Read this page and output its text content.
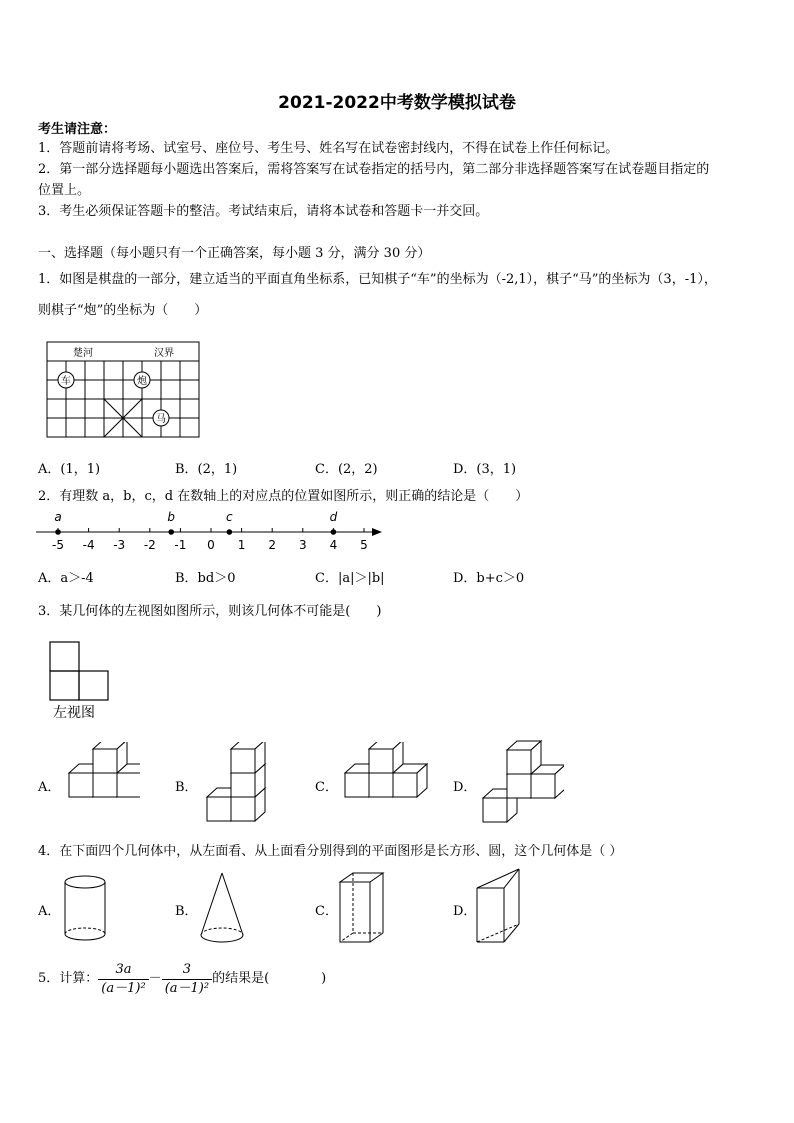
2021-2022中考数学模拟试卷
考生请注意：
1．答题前请将考场、试室号、座位号、考生号、姓名写在试卷密封线内，不得在试卷上作任何标记。
2．第一部分选择题每小题选出答案后，需将答案写在试卷指定的括号内，第二部分非选择题答案写在试卷题目指定的
位置上。
3．考生必须保证答题卡的整洁。考试结束后，请将本试卷和答题卡一并交回。
一、选择题（每小题只有一个正确答案，每小题 3 分，满分 30 分）
1．如图是棋盘的一部分，建立适当的平面直角坐标系，已知棋子“车”的坐标为（-2,1），棋子“马”的坐标为（3，-1），
则棋子“炮”的坐标为（　　）
楚河	汉界
车	炮
马
A．(1，1)	B．(2，1)	C．(2，2)	D．(3，1)
2．有理数 a，b，c，d 在数轴上的对应点的位置如图所示，则正确的结论是（　　）
-5 -4 -3 -2 -1 0 1 2 3 4 5
a	b	c	d
A．a＞-4	B．bd＞0	C．|a|＞|b|	D．b+c＞0
3．某几何体的左视图如图所示，则该几何体不可能是(　　)
左视图
A．	B．	C．	D．
4．在下面四个几何体中，从左面看、从上面看分别得到的平面图形是长方形、圆，这个几何体是（ ）
A．	B．	C．	D．
5．计算： $\frac{3a}{\text{(a－1)²}} - \frac{3}{\text{(a－1)²}}$ 的结果是(　　　　)
